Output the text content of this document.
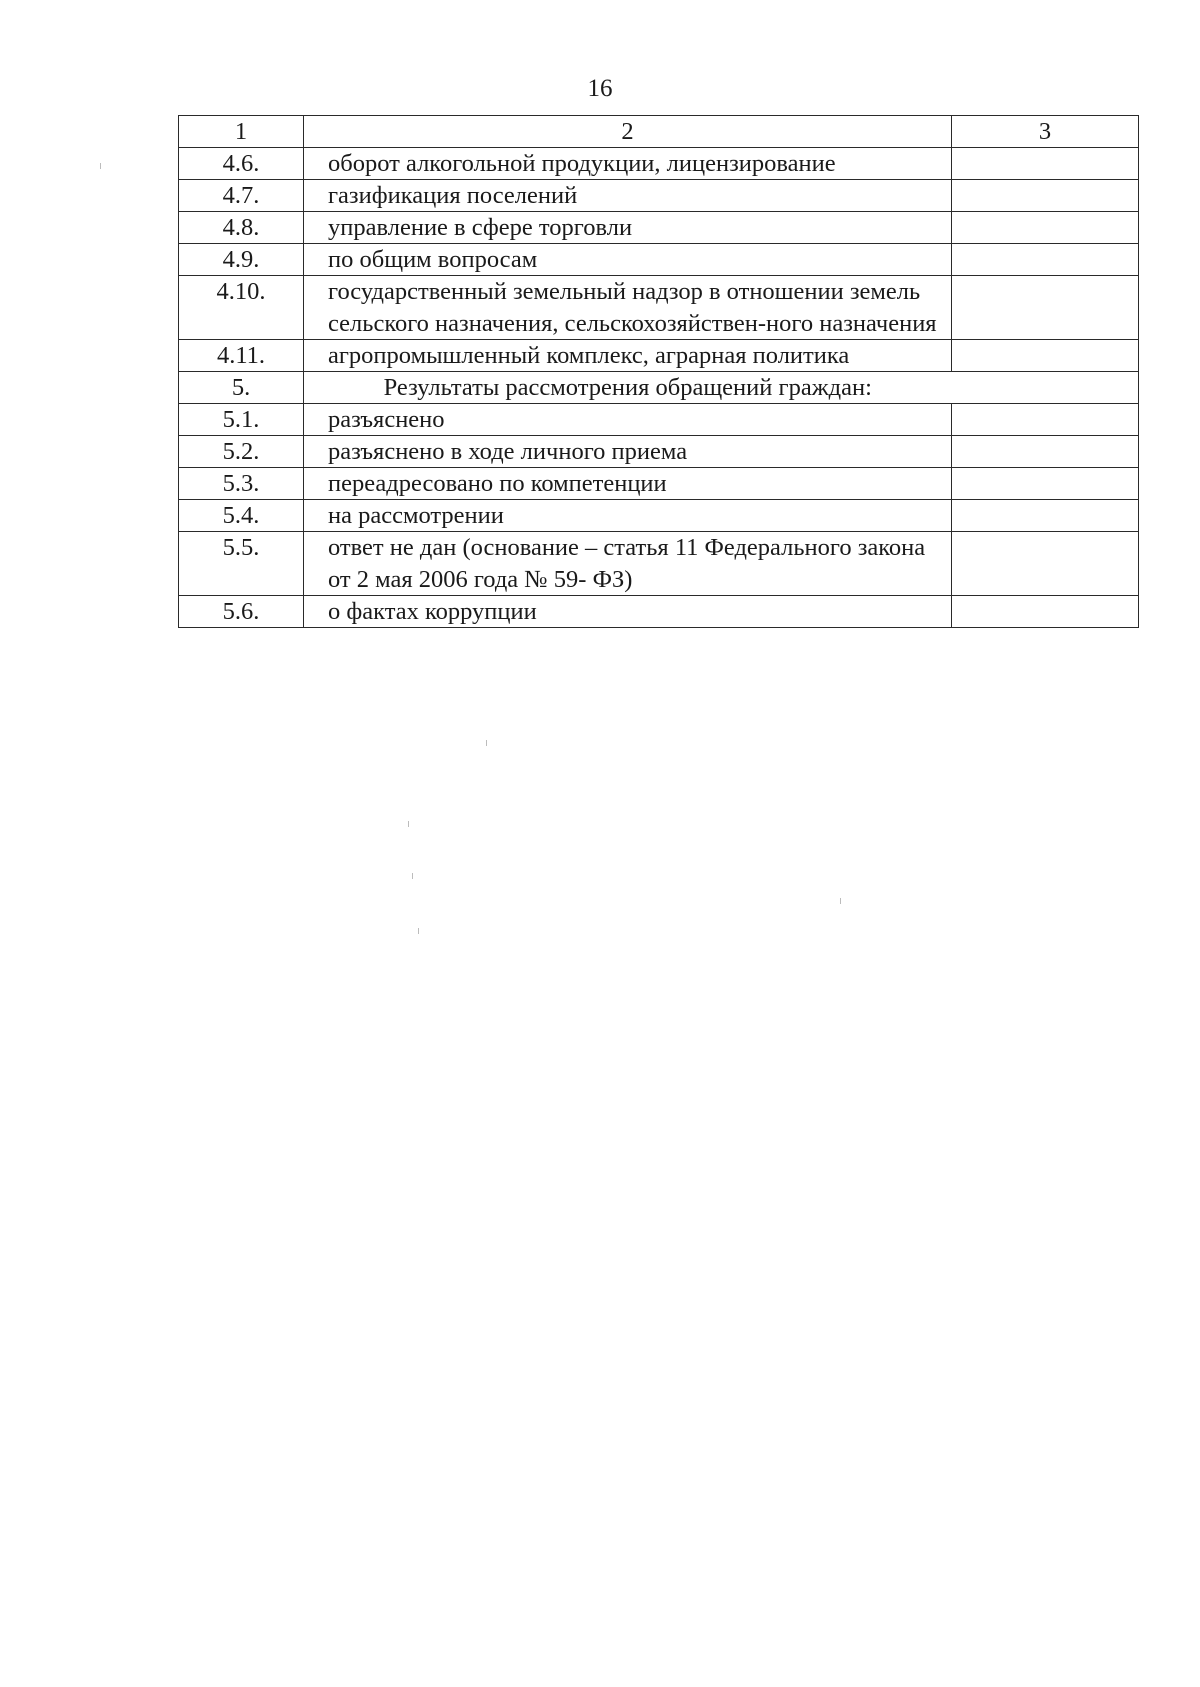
16
1	2	3
4.6.	оборот алкогольной продукции, лицензирование	
4.7.	газификация поселений	
4.8.	управление в сфере торговли	
4.9.	по общим вопросам	
4.10.	государственный земельный надзор в отношении земель сельского назначения, сельскохозяйствен-ного назначения	
4.11.	агропромышленный комплекс, аграрная политика	
5.	Результаты рассмотрения обращений граждан:	
5.1.	разъяснено	
5.2.	разъяснено в ходе личного приема	
5.3.	переадресовано по компетенции	
5.4.	на рассмотрении	
5.5.	ответ не дан (основание – статья 11 Федерального закона от 2 мая 2006 года № 59- ФЗ)	
5.6.	о фактах коррупции	
